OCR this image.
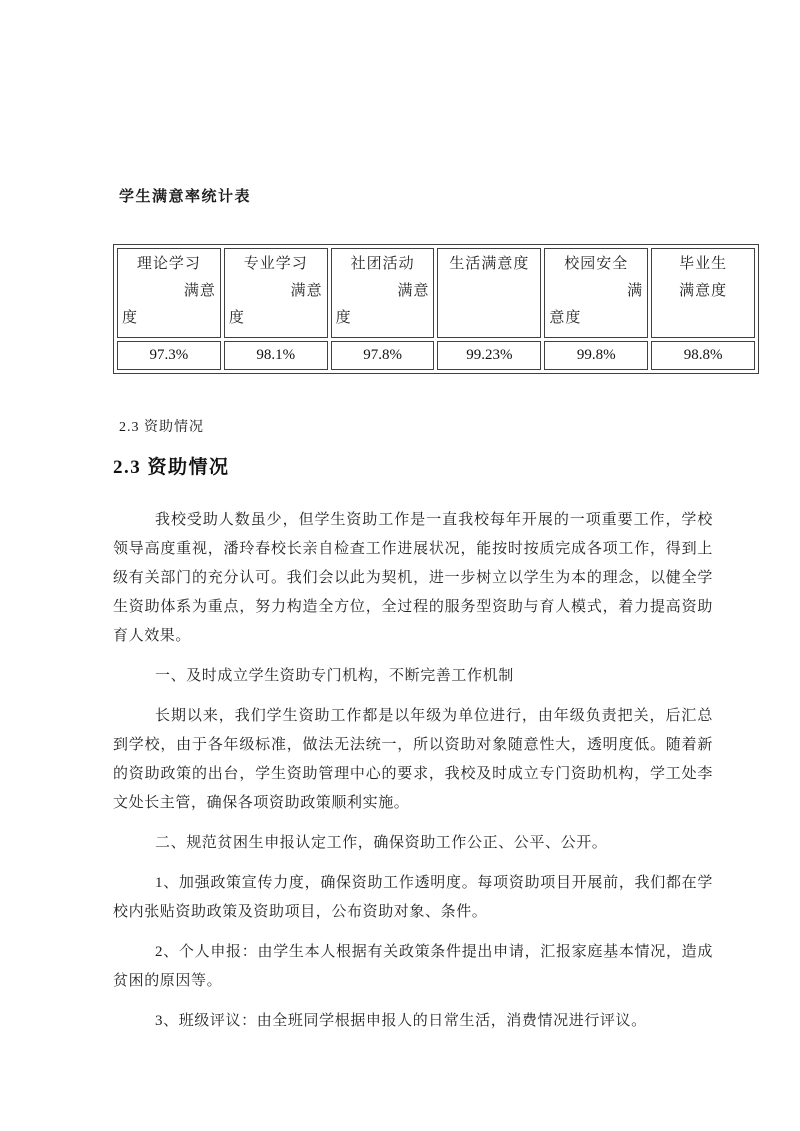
学生满意率统计表
理论学习
满意
度	专业学习
满意
度	社团活动
满意
度	生活满意度	校园安全
满
意度	毕业生
满意度

97.3%	98.1%	97.8%	99.23%	99.8%	98.8%

2.3 资助情况

2.3 资助情况

我校受助人数虽少，但学生资助工作是一直我校每年开展的一项重要工作，学校领导高度重视，潘玲春校长亲自检查工作进展状况，能按时按质完成各项工作，得到上级有关部门的充分认可。我们会以此为契机，进一步树立以学生为本的理念，以健全学生资助体系为重点，努力构造全方位，全过程的服务型资助与育人模式，着力提高资助育人效果。

一、及时成立学生资助专门机构，不断完善工作机制

长期以来，我们学生资助工作都是以年级为单位进行，由年级负责把关，后汇总到学校，由于各年级标准，做法无法统一，所以资助对象随意性大，透明度低。随着新的资助政策的出台，学生资助管理中心的要求，我校及时成立专门资助机构，学工处李文处长主管，确保各项资助政策顺利实施。

二、规范贫困生申报认定工作，确保资助工作公正、公平、公开。

1、加强政策宣传力度，确保资助工作透明度。每项资助项目开展前，我们都在学校内张贴资助政策及资助项目，公布资助对象、条件。

2、个人申报：由学生本人根据有关政策条件提出申请，汇报家庭基本情况，造成贫困的原因等。

3、班级评议：由全班同学根据申报人的日常生活，消费情况进行评议。
